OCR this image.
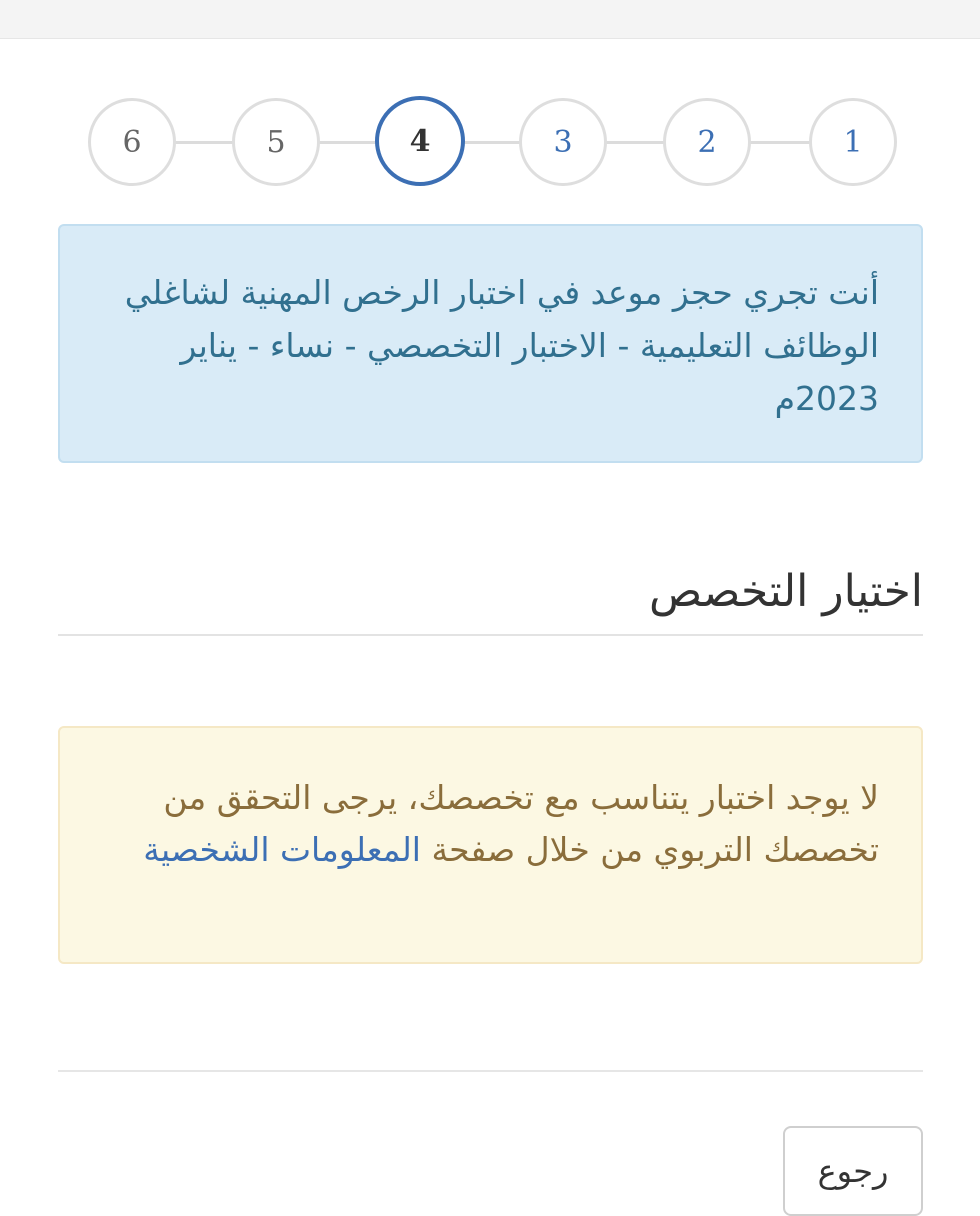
6	5	4	3	2	1
أنت تجري حجز موعد في اختبار الرخص المهنية لشاغلي الوظائف التعليمية - الاختبار التخصصي - نساء - يناير 2023م
اختيار التخصص
لا يوجد اختبار يتناسب مع تخصصك، يرجى التحقق من تخصصك التربوي من خلال صفحة المعلومات الشخصية
رجوع
